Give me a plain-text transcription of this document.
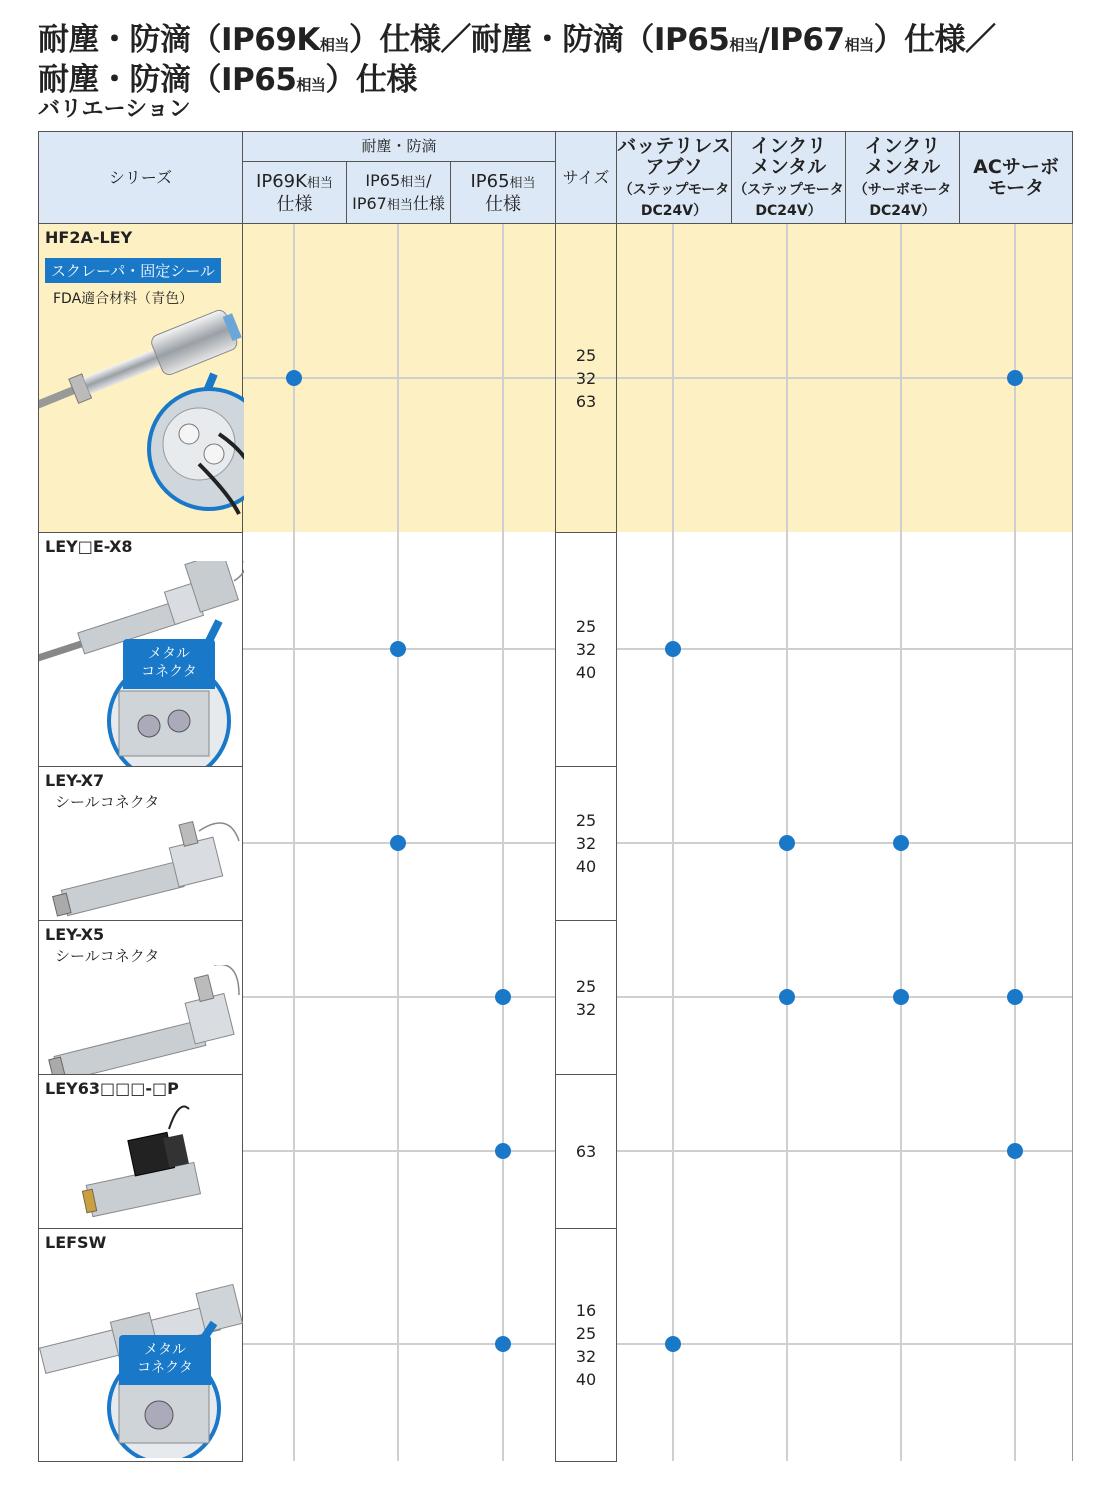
耐塵・防滴（IP69K相当）仕様／耐塵・防滴（IP65相当/IP67相当）仕様／
耐塵・防滴（IP65相当）仕様
バリエーション
シリーズ
耐塵・防滴
IP69K相当
仕様
IP65相当/
IP67相当仕様
IP65相当
仕様
サイズ
バッテリレス
アブソ
（ステップモータ
DC24V）
インクリ
メンタル
（ステップモータ
DC24V）
インクリ
メンタル
（サーボモータ
DC24V）
ACサーボ
モータ
HF2A-LEY
スクレーパ・固定シール
FDA適合材料（青色）
LEY□E-X8
メタル
コネクタ
LEY-X7
シールコネクタ
LEY-X5
シールコネクタ
LEY63□□□-□P
LEFSW
メタル
コネクタ
25
32
63
25
32
40
25
32
40
25
32
63
16
25
32
40
